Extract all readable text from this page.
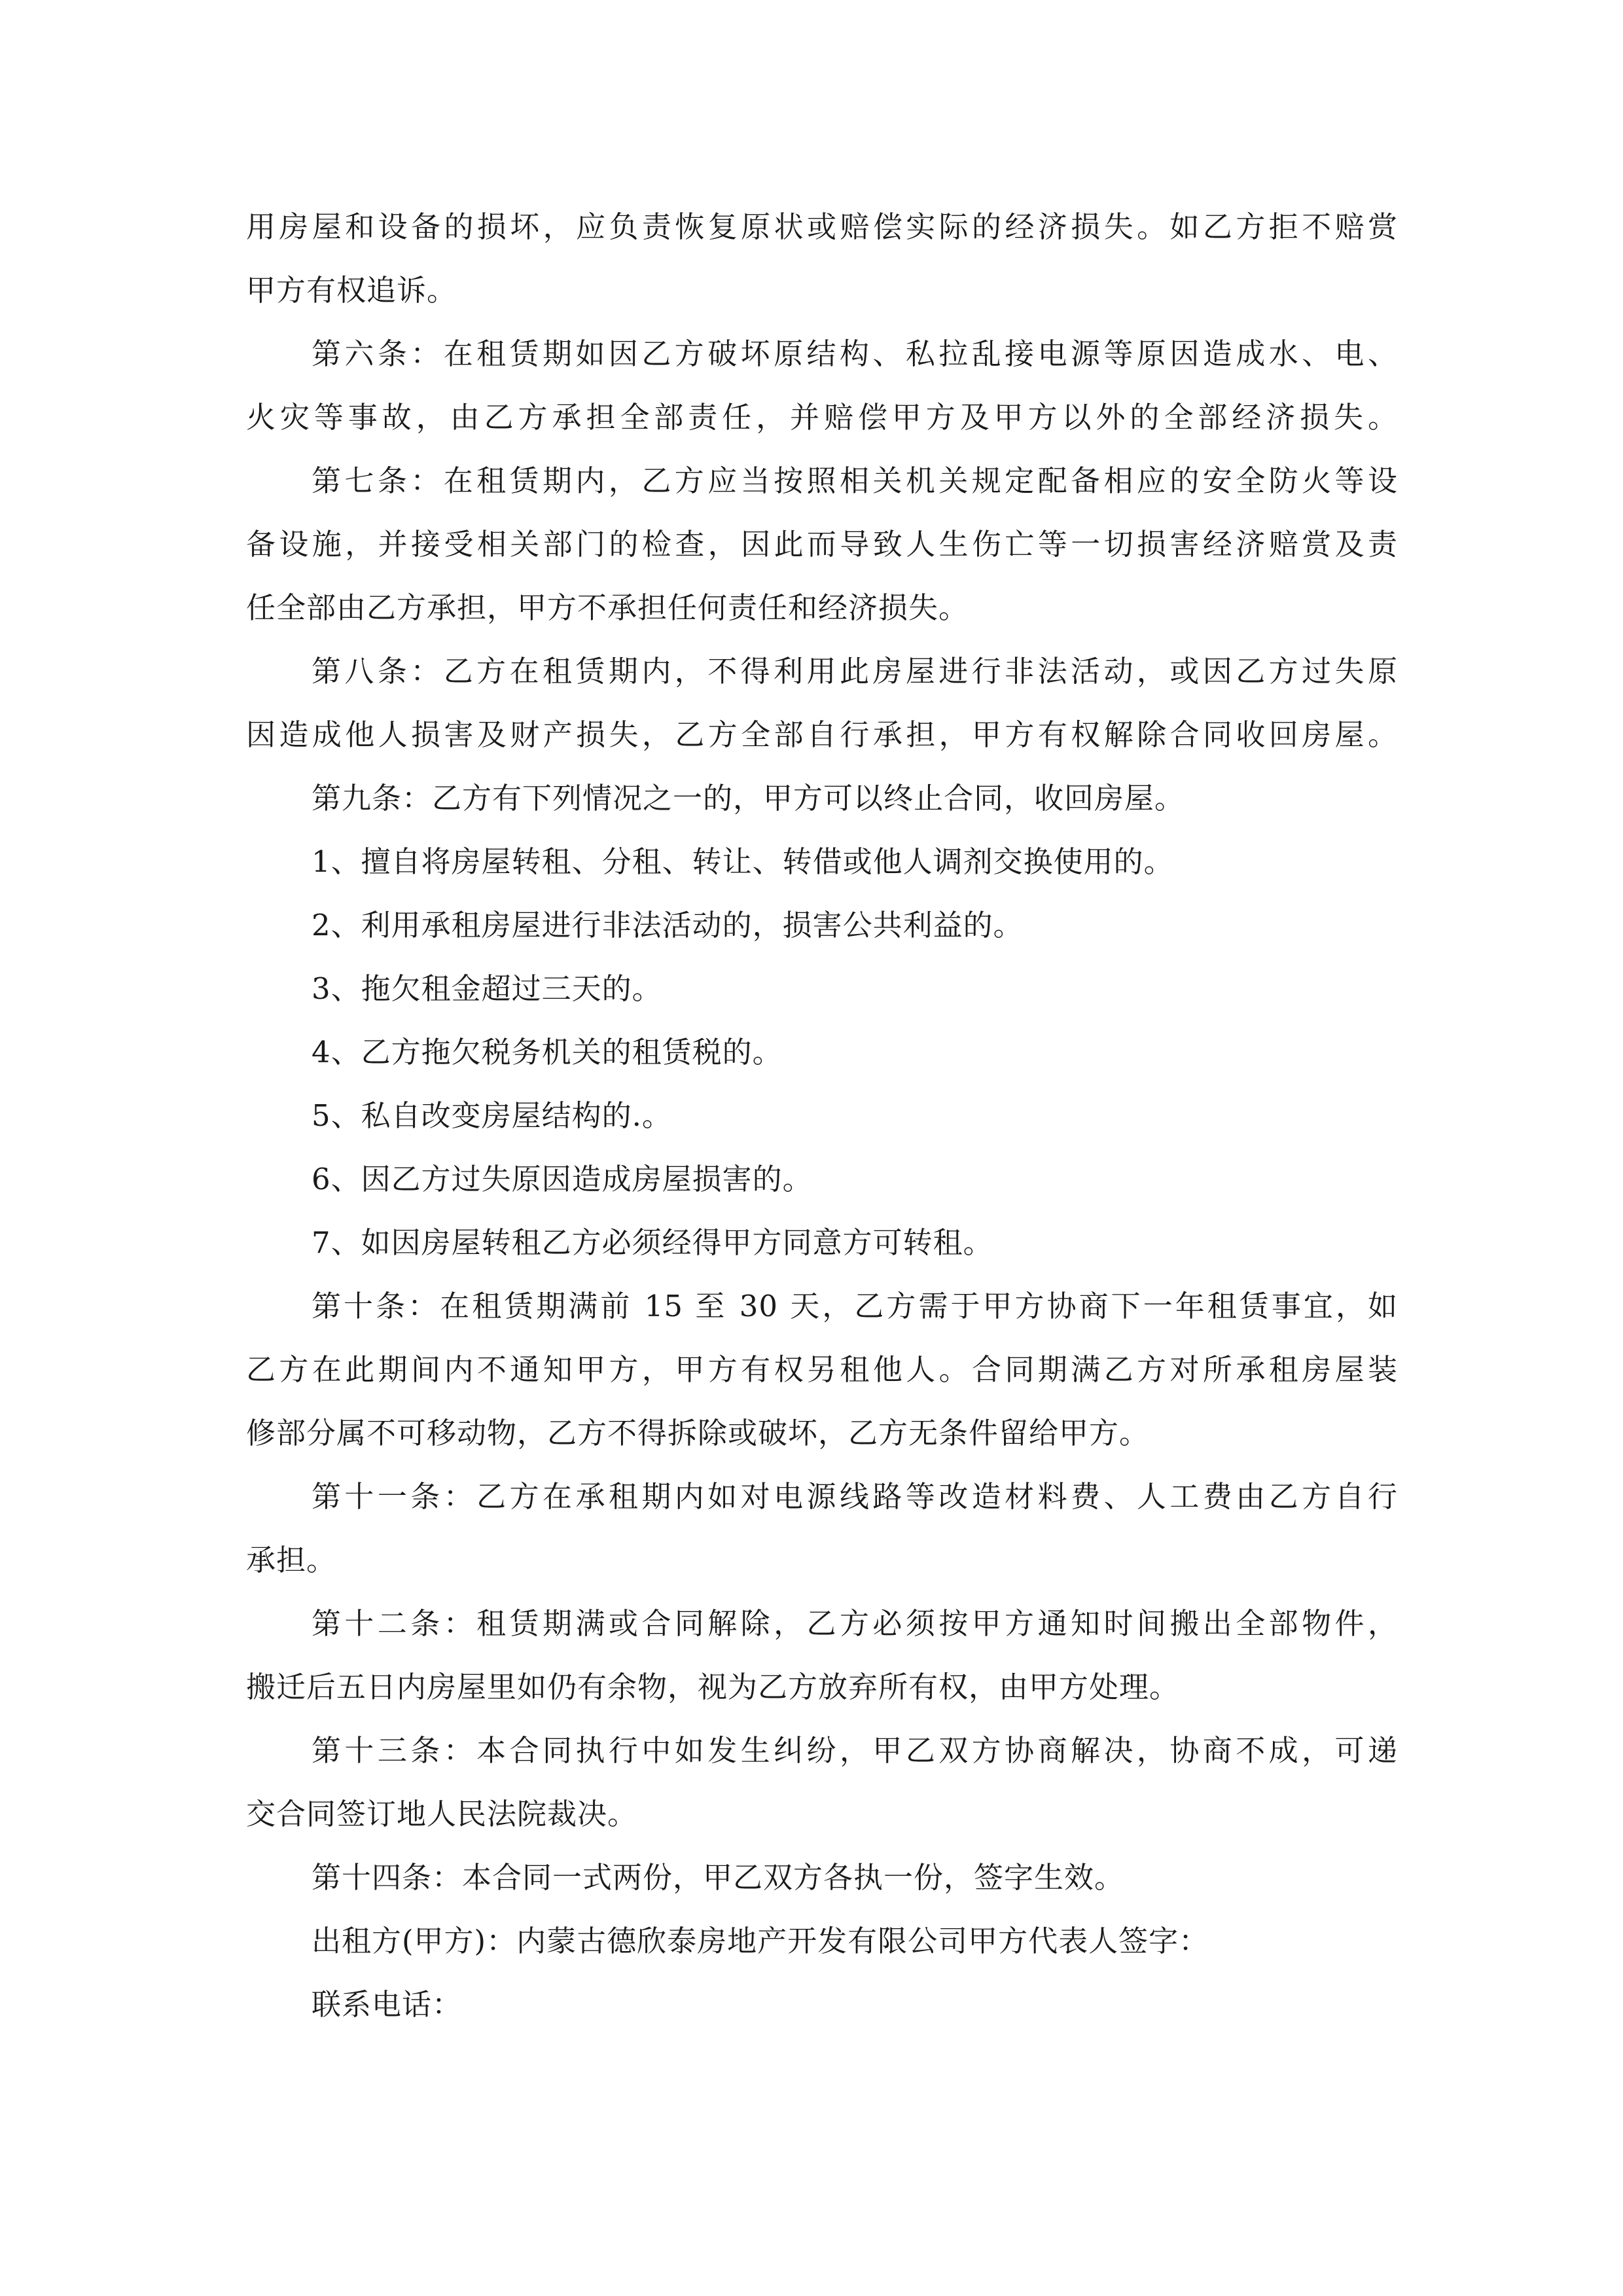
用房屋和设备的损坏，应负责恢复原状或赔偿实际的经济损失。如乙方拒不赔赏
甲方有权追诉。
第六条：在租赁期如因乙方破坏原结构、私拉乱接电源等原因造成水、电、
火灾等事故，由乙方承担全部责任，并赔偿甲方及甲方以外的全部经济损失。
第七条：在租赁期内，乙方应当按照相关机关规定配备相应的安全防火等设
备设施，并接受相关部门的检查，因此而导致人生伤亡等一切损害经济赔赏及责
任全部由乙方承担，甲方不承担任何责任和经济损失。
第八条：乙方在租赁期内，不得利用此房屋进行非法活动，或因乙方过失原
因造成他人损害及财产损失，乙方全部自行承担，甲方有权解除合同收回房屋。
第九条：乙方有下列情况之一的，甲方可以终止合同，收回房屋。
1、擅自将房屋转租、分租、转让、转借或他人调剂交换使用的。
2、利用承租房屋进行非法活动的，损害公共利益的。
3、拖欠租金超过三天的。
4、乙方拖欠税务机关的租赁税的。
5、私自改变房屋结构的.。
6、因乙方过失原因造成房屋损害的。
7、如因房屋转租乙方必须经得甲方同意方可转租。
第十条：在租赁期满前 15 至 30 天，乙方需于甲方协商下一年租赁事宜，如
乙方在此期间内不通知甲方，甲方有权另租他人。合同期满乙方对所承租房屋装
修部分属不可移动物，乙方不得拆除或破坏，乙方无条件留给甲方。
第十一条：乙方在承租期内如对电源线路等改造材料费、人工费由乙方自行
承担。
第十二条：租赁期满或合同解除，乙方必须按甲方通知时间搬出全部物件，
搬迁后五日内房屋里如仍有余物，视为乙方放弃所有权，由甲方处理。
第十三条：本合同执行中如发生纠纷，甲乙双方协商解决，协商不成，可递
交合同签订地人民法院裁决。
第十四条：本合同一式两份，甲乙双方各执一份，签字生效。
出租方(甲方)：内蒙古德欣泰房地产开发有限公司甲方代表人签字：
联系电话：
